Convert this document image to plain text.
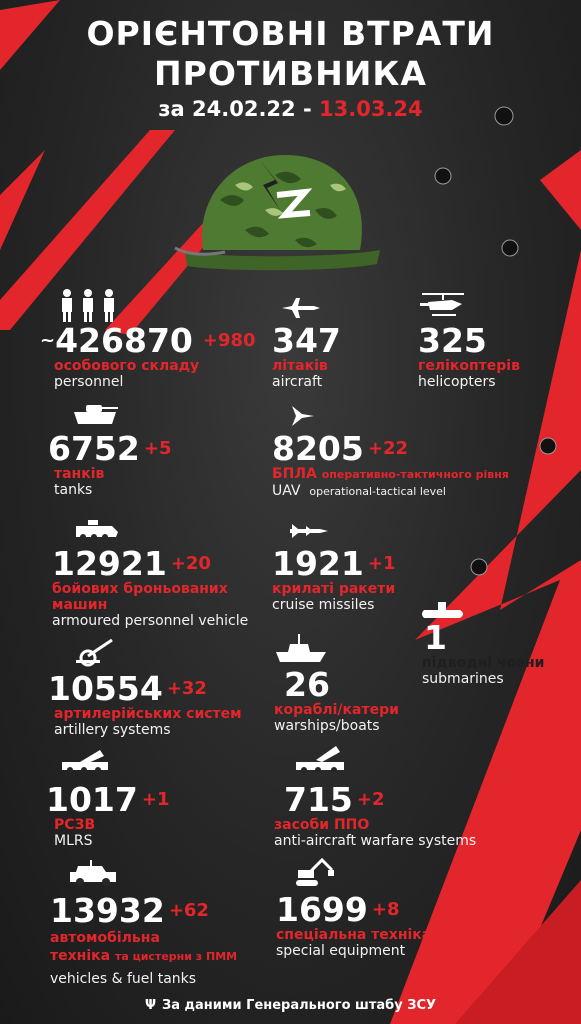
ОРІЄНТОВНІ ВТРАТИ
ПРОТИВНИКА
за 24.02.22 - 13.03.24
~426870 $^{+980}$
особового складу
personnel
347
літаків
aircraft
325
гелікоптерів
helicopters
6752 $^{+5}$
танків
tanks
8205 $^{+22}$
БПЛА оперативно-тактичного рівня
UAV operational-tactical level
12921 $^{+20}$
бойових броньованих
машин
armoured personnel vehicle
1921 $^{+1}$
крилаті ракети
cruise missiles
1
підводні човни
submarines
10554 $^{+32}$
артилерійських систем
artillery systems
26
кораблі/катери
warships/boats
1017 $^{+1}$
РСЗВ
MLRS
715 $^{+2}$
засоби ППО
anti-aircraft warfare systems
13932 $^{+62}$
автомобільна
техніка та цистерни з ПММ
vehicles & fuel tanks
1699 $^{+8}$
спеціальна техніка
special equipment
Ψ За даними Генерального штабу ЗСУ
